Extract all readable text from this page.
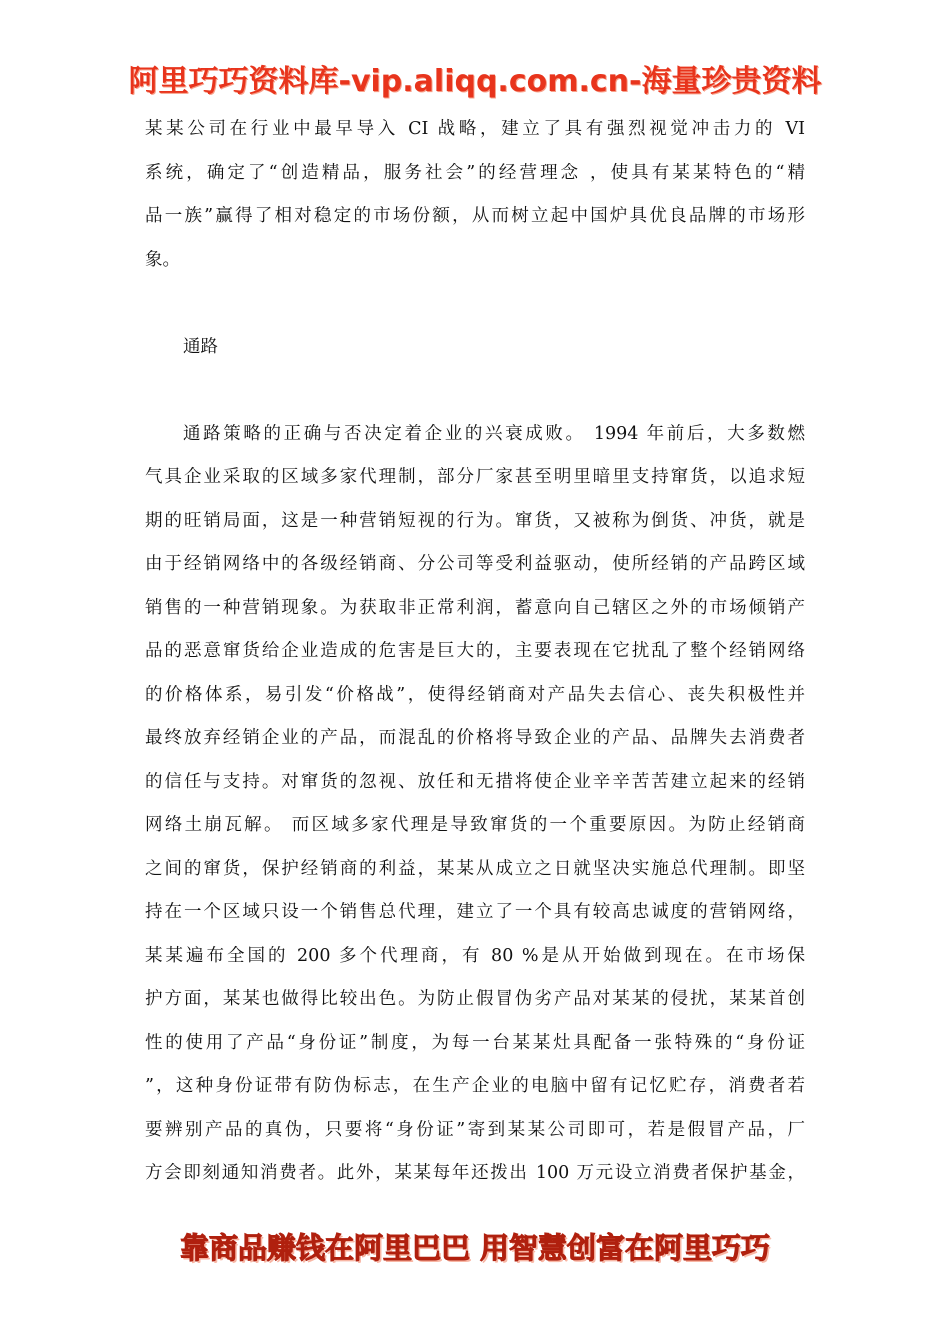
阿里巧巧资料库-vip.aliqq.com.cn-海量珍贵资料
某某公司在行业中最早导入 CI 战略，建立了具有强烈视觉冲击力的 VI
系统，确定了“创造精品，服务社会”的经营理念 ，使具有某某特色的“精
品一族”赢得了相对稳定的市场份额，从而树立起中国炉具优良品牌的市场形
象。
通路
通路策略的正确与否决定着企业的兴衰成败。 1994 年前后，大多数燃
气具企业采取的区域多家代理制，部分厂家甚至明里暗里支持窜货，以追求短
期的旺销局面，这是一种营销短视的行为。窜货，又被称为倒货、冲货，就是
由于经销网络中的各级经销商、分公司等受利益驱动，使所经销的产品跨区域
销售的一种营销现象。为获取非正常利润，蓄意向自己辖区之外的市场倾销产
品的恶意窜货给企业造成的危害是巨大的，主要表现在它扰乱了整个经销网络
的价格体系，易引发“价格战”，使得经销商对产品失去信心、丧失积极性并
最终放弃经销企业的产品，而混乱的价格将导致企业的产品、品牌失去消费者
的信任与支持。对窜货的忽视、放任和无措将使企业辛辛苦苦建立起来的经销
网络土崩瓦解。 而区域多家代理是导致窜货的一个重要原因。为防止经销商
之间的窜货，保护经销商的利益，某某从成立之日就坚决实施总代理制。即坚
持在一个区域只设一个销售总代理，建立了一个具有较高忠诚度的营销网络，
某某遍布全国的 200 多个代理商，有 80 %是从开始做到现在。在市场保
护方面，某某也做得比较出色。为防止假冒伪劣产品对某某的侵扰，某某首创
性的使用了产品“身份证”制度，为每一台某某灶具配备一张特殊的“身份证
”，这种身份证带有防伪标志，在生产企业的电脑中留有记忆贮存，消费者若
要辨别产品的真伪，只要将“身份证”寄到某某公司即可，若是假冒产品，厂
方会即刻通知消费者。此外，某某每年还拨出 100 万元设立消费者保护基金，
靠商品赚钱在阿里巴巴 用智慧创富在阿里巧巧
